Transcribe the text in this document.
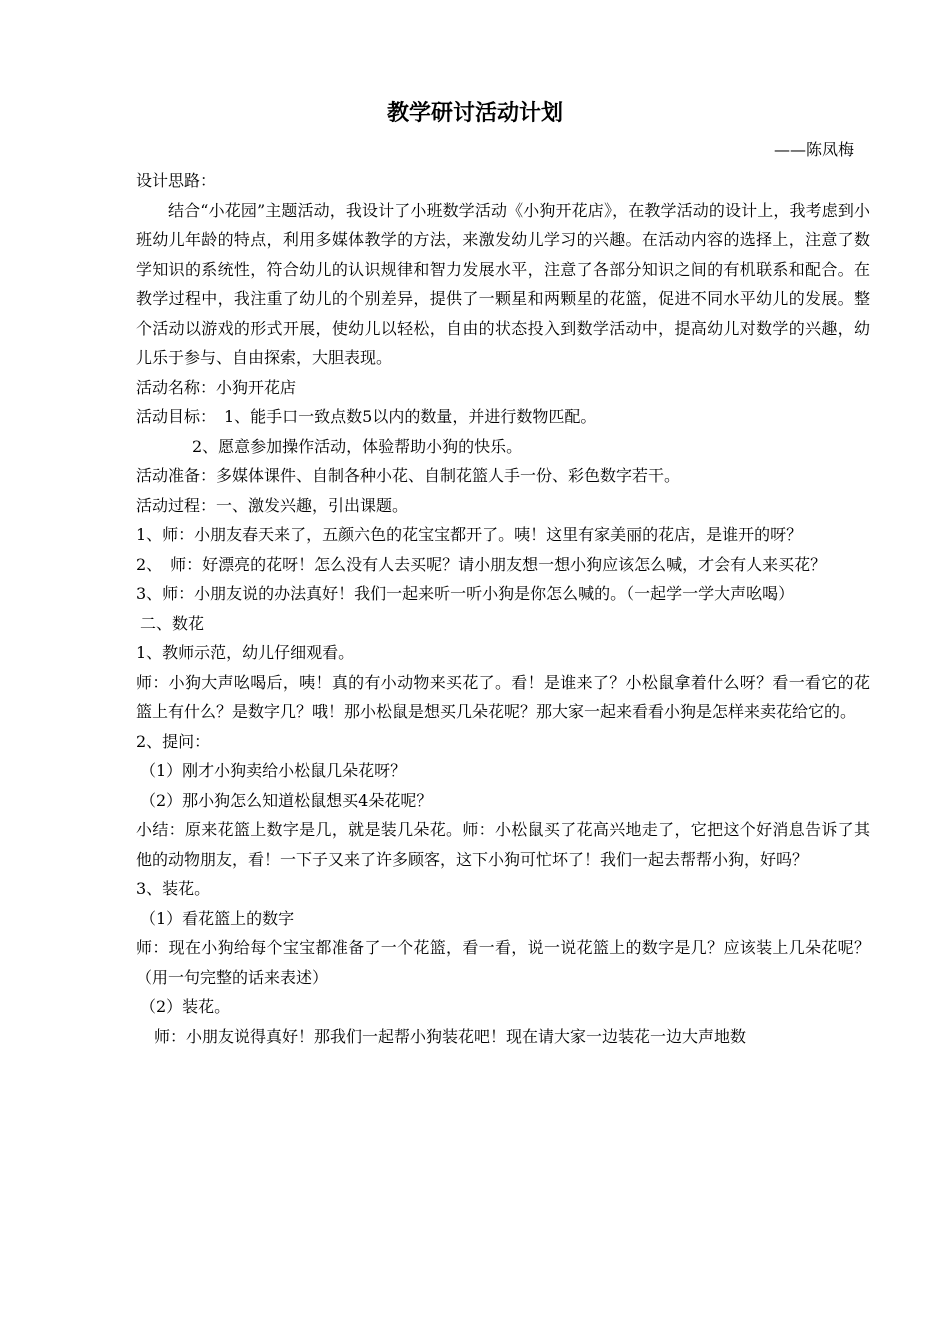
教学研讨活动计划
——陈凤梅

设计思路：

结合“小花园”主题活动，我设计了小班数学活动《小狗开花店》，在教学活动的设计上，我考虑到小班幼儿年龄的特点，利用多媒体教学的方法，来激发幼儿学习的兴趣。在活动内容的选择上，注意了数学知识的系统性，符合幼儿的认识规律和智力发展水平，注意了各部分知识之间的有机联系和配合。在教学过程中，我注重了幼儿的个别差异，提供了一颗星和两颗星的花篮，促进不同水平幼儿的发展。整个活动以游戏的形式开展，使幼儿以轻松，自由的状态投入到数学活动中，提高幼儿对数学的兴趣，幼儿乐于参与、自由探索，大胆表现。

活动名称：小狗开花店

活动目标：　1、能手口一致点数5以内的数量，并进行数物匹配。

2、愿意参加操作活动，体验帮助小狗的快乐。

活动准备：多媒体课件、自制各种小花、自制花篮人手一份、彩色数字若干。

活动过程：一、激发兴趣，引出课题。

1、师：小朋友春天来了，五颜六色的花宝宝都开了。咦！这里有家美丽的花店，是谁开的呀？

2、　师：好漂亮的花呀！怎么没有人去买呢？请小朋友想一想小狗应该怎么喊，才会有人来买花？

3、师：小朋友说的办法真好！我们一起来听一听小狗是你怎么喊的。（一起学一学大声吆喝）

二、数花

1、教师示范，幼儿仔细观看。

师：小狗大声吆喝后，咦！真的有小动物来买花了。看！是谁来了？小松鼠拿着什么呀？看一看它的花篮上有什么？是数字几？哦！那小松鼠是想买几朵花呢？那大家一起来看看小狗是怎样来卖花给它的。

2、提问：

（1）刚才小狗卖给小松鼠几朵花呀？

（2）那小狗怎么知道松鼠想买4朵花呢？

小结：原来花篮上数字是几，就是装几朵花。师：小松鼠买了花高兴地走了，它把这个好消息告诉了其他的动物朋友，看！一下子又来了许多顾客，这下小狗可忙坏了！我们一起去帮帮小狗，好吗？

3、装花。

（1）看花篮上的数字

师：现在小狗给每个宝宝都准备了一个花篮，看一看，说一说花篮上的数字是几？应该装上几朵花呢？（用一句完整的话来表述）

（2）装花。

师：小朋友说得真好！那我们一起帮小狗装花吧！现在请大家一边装花一边大声地数
